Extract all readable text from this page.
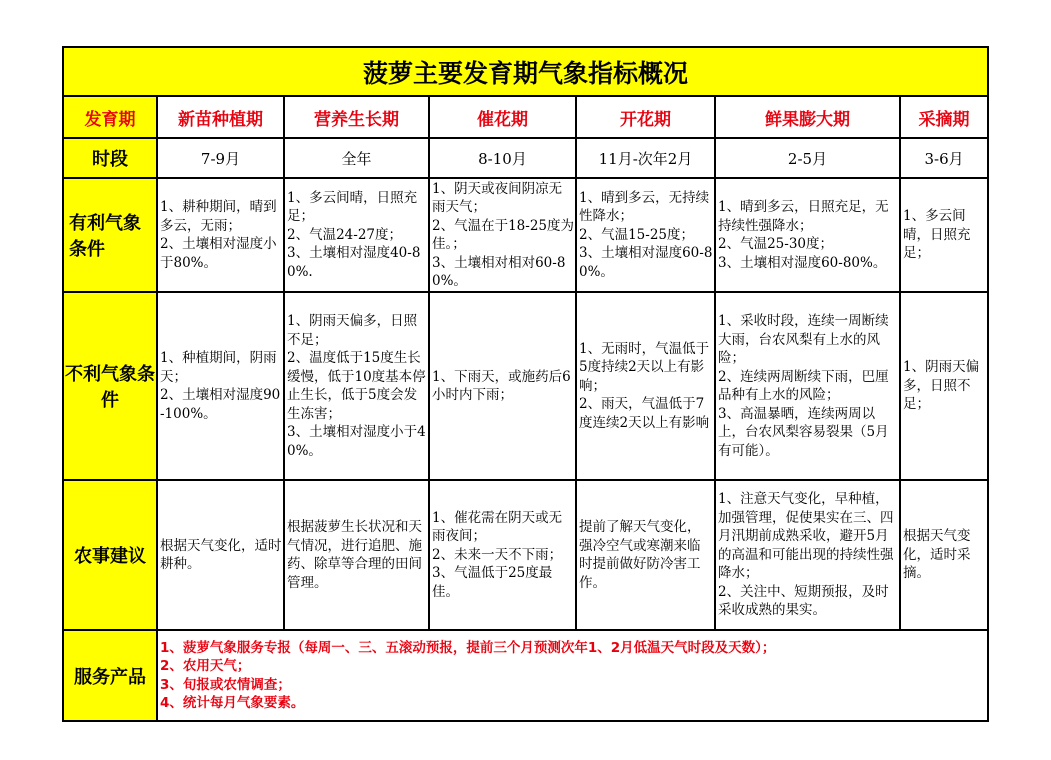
菠萝主要发育期气象指标概况						
发育期	新苗种植期	营养生长期	催花期	开花期	鲜果膨大期	采摘期
时段	7-9月	全年	8-10月	11月-次年2月	2-5月	3-6月
有利气象条件	1、耕种期间，晴到多云，无雨；
2、土壤相对湿度小于80%。	1、多云间晴，日照充足；
2、气温24-27度；
3、土壤相对湿度40-80%.	1、阴天或夜间阴凉无雨天气；
2、气温在于18-25度为佳。；
3、土壤相对相对60-80%。	1、晴到多云，无持续性降水；
2、气温15-25度；
3、土壤相对湿度60-80%。	1、晴到多云，日照充足，无持续性强降水；
2、气温25-30度；
3、土壤相对湿度60-80%。	1、多云间晴，日照充足；
不利气象条件	1、种植期间，阴雨天；
2、土壤相对湿度90-100%。	1、阴雨天偏多，日照不足；
2、温度低于15度生长缓慢，低于10度基本停止生长，低于5度会发生冻害；
3、土壤相对湿度小于40%。	1、下雨天，或施药后6小时内下雨；	1、无雨时，气温低于5度持续2天以上有影响；
2、雨天，气温低于7度连续2天以上有影响	1、采收时段，连续一周断续大雨，台农风梨有上水的风险；
2、连续两周断续下雨，巴厘品种有上水的风险；
3、高温暴晒，连续两周以上，台农风梨容易裂果（5月有可能）。	1、阴雨天偏多，日照不足；
农事建议	根据天气变化，适时耕种。	根据菠萝生长状况和天气情况，进行追肥、施药、除草等合理的田间管理。	1、催花需在阴天或无雨夜间；
2、未来一天不下雨；
3、气温低于25度最佳。	提前了解天气变化，强冷空气或寒潮来临时提前做好防冷害工作。	1、注意天气变化，早种植，加强管理，促使果实在三、四月汛期前成熟采收，避开5月的高温和可能出现的持续性强降水；
2、关注中、短期预报，及时采收成熟的果实。	根据天气变化，适时采摘。
服务产品	1、菠萝气象服务专报（每周一、三、五滚动预报，提前三个月预测次年1、2月低温天气时段及天数）；
2、农用天气；
3、旬报或农情调查；
4、统计每月气象要素。					
